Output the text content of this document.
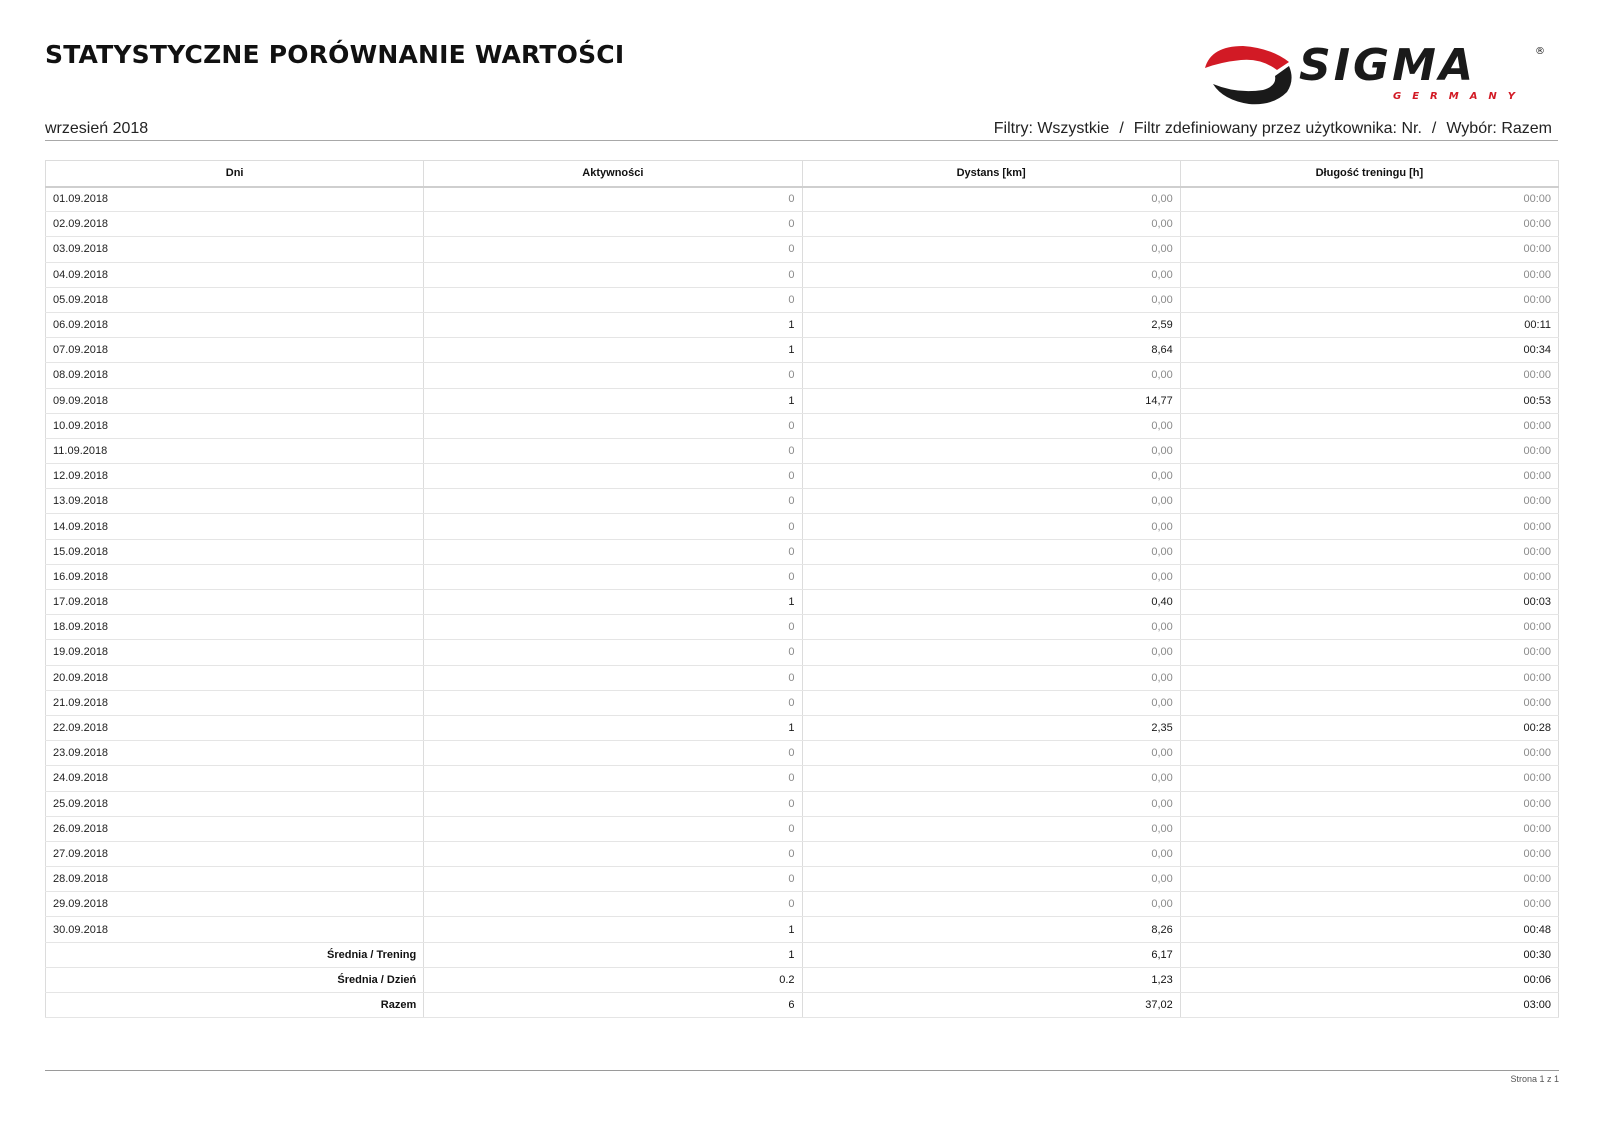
STATYSTYCZNE PORÓWNANIE WARTOŚCI	SIGMA
GERMANY
®
wrzesień 2018	Filtry: Wszystkie / Filtr zdefiniowany przez użytkownika: Nr. / Wybór: Razem
Dni	Aktywności	Dystans [km]	Długość treningu [h]
01.09.2018	0	0,00	00:00
02.09.2018	0	0,00	00:00
03.09.2018	0	0,00	00:00
04.09.2018	0	0,00	00:00
05.09.2018	0	0,00	00:00
06.09.2018	1	2,59	00:11
07.09.2018	1	8,64	00:34
08.09.2018	0	0,00	00:00
09.09.2018	1	14,77	00:53
10.09.2018	0	0,00	00:00
11.09.2018	0	0,00	00:00
12.09.2018	0	0,00	00:00
13.09.2018	0	0,00	00:00
14.09.2018	0	0,00	00:00
15.09.2018	0	0,00	00:00
16.09.2018	0	0,00	00:00
17.09.2018	1	0,40	00:03
18.09.2018	0	0,00	00:00
19.09.2018	0	0,00	00:00
20.09.2018	0	0,00	00:00
21.09.2018	0	0,00	00:00
22.09.2018	1	2,35	00:28
23.09.2018	0	0,00	00:00
24.09.2018	0	0,00	00:00
25.09.2018	0	0,00	00:00
26.09.2018	0	0,00	00:00
27.09.2018	0	0,00	00:00
28.09.2018	0	0,00	00:00
29.09.2018	0	0,00	00:00
30.09.2018	1	8,26	00:48
Średnia / Trening	1	6,17	00:30
Średnia / Dzień	0.2	1,23	00:06
Razem	6	37,02	03:00
Strona 1 z 1
